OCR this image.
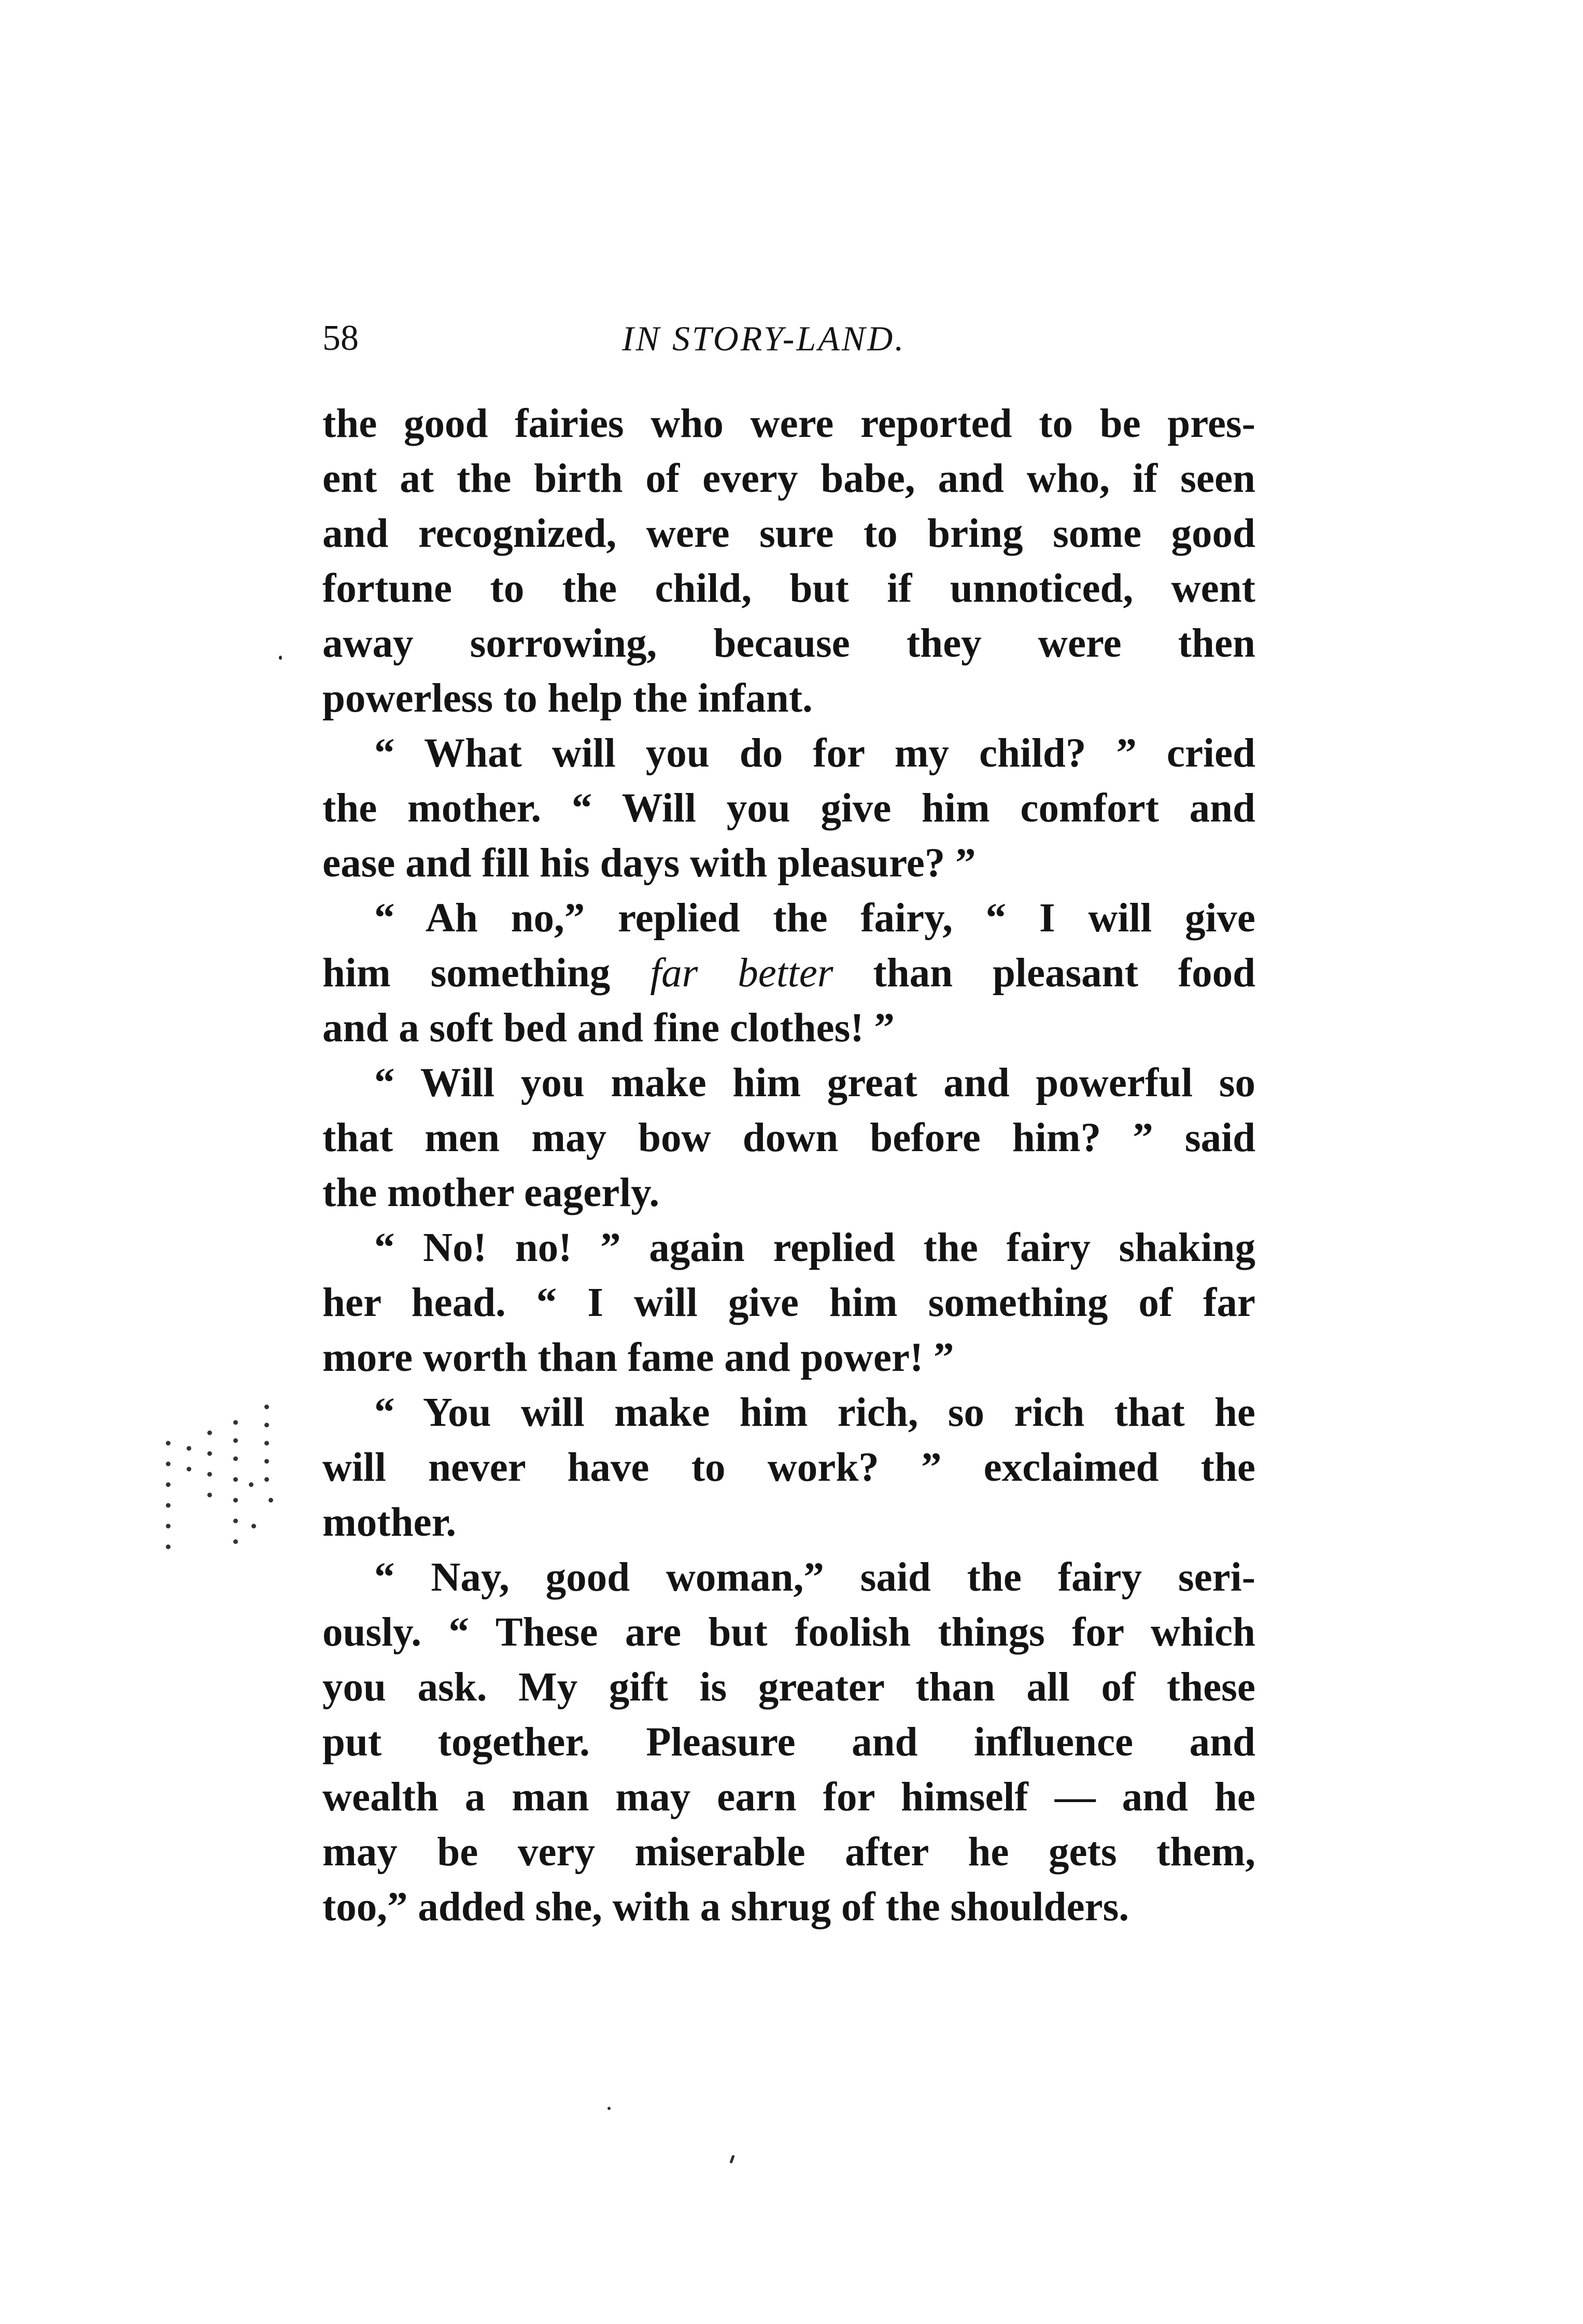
58	IN STORY-LAND.
the good fairies who were reported to be pres-
ent at the birth of every babe, and who, if seen
and recognized, were sure to bring some good
fortune to the child, but if unnoticed, went
away sorrowing, because they were then
powerless to help the infant.
“ What will you do for my child? ” cried
the mother. “ Will you give him comfort and
ease and fill his days with pleasure? ”
“ Ah no,” replied the fairy, “ I will give
him something far better than pleasant food
and a soft bed and fine clothes! ”
“ Will you make him great and powerful so
that men may bow down before him? ” said
the mother eagerly.
“ No! no! ” again replied the fairy shaking
her head. “ I will give him something of far
more worth than fame and power! ”
“ You will make him rich, so rich that he
will never have to work? ” exclaimed the
mother.
“ Nay, good woman,” said the fairy seri-
ously. “ These are but foolish things for which
you ask. My gift is greater than all of these
put together. Pleasure and influence and
wealth a man may earn for himself — and he
may be very miserable after he gets them,
too,” added she, with a shrug of the shoulders.
